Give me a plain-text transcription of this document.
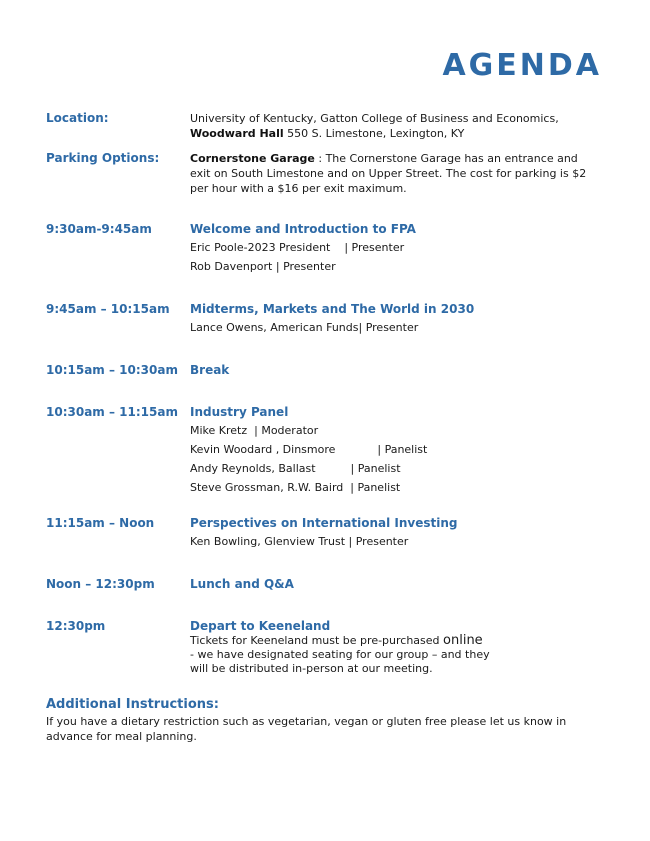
AGENDA
Location:	University of Kentucky, Gatton College of Business and Economics,
Woodward Hall 550 S. Limestone, Lexington, KY
Parking Options:	Cornerstone Garage : The Cornerstone Garage has an entrance and exit on South Limestone and on Upper Street. The cost for parking is $2 per hour with a $16 per exit maximum.
9:30am-9:45am	Welcome and Introduction to FPA
Eric Poole-2023 President    | Presenter
Rob Davenport | Presenter
9:45am – 10:15am Midterms, Markets and The World in 2030
Lance Owens, American Funds| Presenter
10:15am – 10:30am Break
10:30am – 11:15am Industry Panel
Mike Kretz  | Moderator
Kevin Woodard , Dinsmore            | Panelist
Andy Reynolds, Ballast          | Panelist
Steve Grossman, R.W. Baird  | Panelist
11:15am – Noon	Perspectives on International Investing
Ken Bowling, Glenview Trust | Presenter
Noon – 12:30pm	Lunch and Q&A
12:30pm	Depart to Keeneland
Tickets for Keeneland must be pre-purchased online - we have designated seating for our group – and they will be distributed in-person at our meeting.
Additional Instructions:
If you have a dietary restriction such as vegetarian, vegan or gluten free please let us know in advance for meal planning.
